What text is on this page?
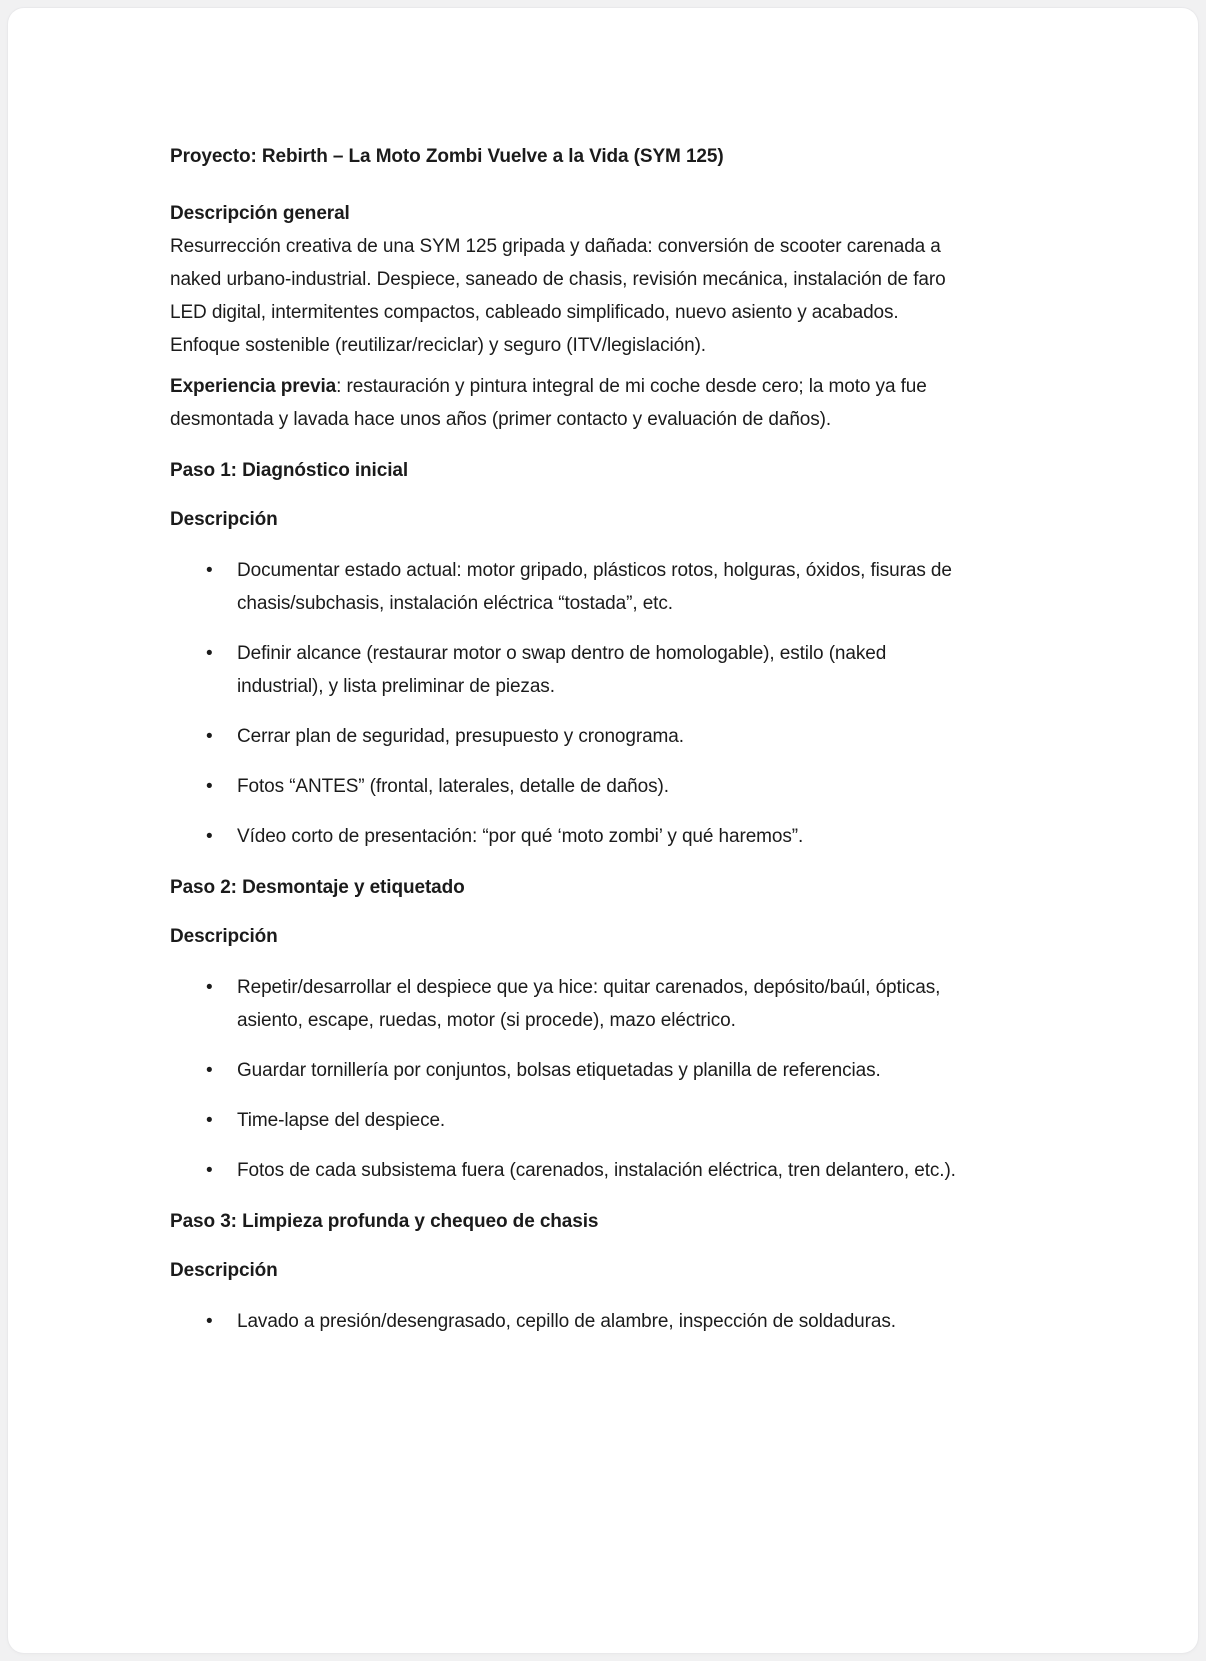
Proyecto: Rebirth – La Moto Zombi Vuelve a la Vida (SYM 125)

Descripción general

Resurrección creativa de una SYM 125 gripada y dañada: conversión de scooter carenada a naked urbano-industrial. Despiece, saneado de chasis, revisión mecánica, instalación de faro LED digital, intermitentes compactos, cableado simplificado, nuevo asiento y acabados. Enfoque sostenible (reutilizar/reciclar) y seguro (ITV/legislación).

Experiencia previa: restauración y pintura integral de mi coche desde cero; la moto ya fue desmontada y lavada hace unos años (primer contacto y evaluación de daños).

Paso 1: Diagnóstico inicial

Descripción

• Documentar estado actual: motor gripado, plásticos rotos, holguras, óxidos, fisuras de chasis/subchasis, instalación eléctrica “tostada”, etc.
• Definir alcance (restaurar motor o swap dentro de homologable), estilo (naked industrial), y lista preliminar de piezas.
• Cerrar plan de seguridad, presupuesto y cronograma.
• Fotos “ANTES” (frontal, laterales, detalle de daños).
• Vídeo corto de presentación: “por qué ‘moto zombi’ y qué haremos”.

Paso 2: Desmontaje y etiquetado

Descripción

• Repetir/desarrollar el despiece que ya hice: quitar carenados, depósito/baúl, ópticas, asiento, escape, ruedas, motor (si procede), mazo eléctrico.
• Guardar tornillería por conjuntos, bolsas etiquetadas y planilla de referencias.
• Time-lapse del despiece.
• Fotos de cada subsistema fuera (carenados, instalación eléctrica, tren delantero, etc.).

Paso 3: Limpieza profunda y chequeo de chasis

Descripción

• Lavado a presión/desengrasado, cepillo de alambre, inspección de soldaduras.
